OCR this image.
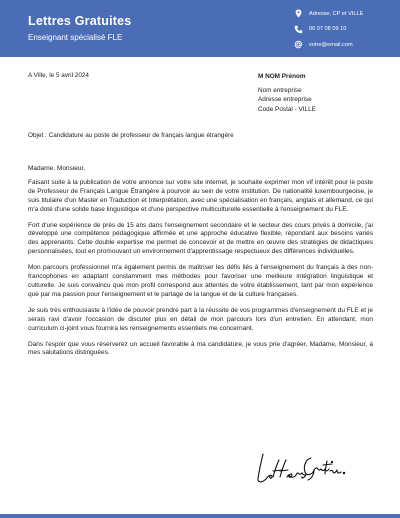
Lettres Gratuites
Enseignant spécialisé FLE
Adresse, CP et VILLE
06 07 08 09 10
votre@email.com
A Ville, le 5 avril 2024	M NOM Prénom
Nom entreprise
Adresse entreprise
Code Postal - VILLE
Objet : Candidature au poste de professeur de français langue étrangère

Madame, Monsieur,

Faisant suite à la publication de votre annonce sur votre site internet, je souhaite exprimer mon vif intérêt pour le poste de Professeur de Français Langue Étrangère à pourvoir au sein de votre institution. De nationalité luxembourgeoise, je suis titulaire d'un Master en Traduction et Interprétation, avec une spécialisation en français, anglais et allemand, ce qui m'a doté d'une solide base linguistique et d'une perspective multiculturelle essentielle à l'enseignement du FLE.

Fort d'une expérience de près de 15 ans dans l'enseignement secondaire et le secteur des cours privés à domicile, j'ai développé une compétence pédagogique affirmée et une approche éducative flexible, répondant aux besoins variés des apprenants. Cette double expertise me permet de concevoir et de mettre en œuvre des stratégies de didactiques personnalisées, tout en promouvant un environnement d'apprentissage respectueux des différences individuelles.

Mon parcours professionnel m'a également permis de maîtriser les défis liés à l'enseignement du français à des non-francophones en adaptant constamment mes méthodes pour favoriser une meilleure intégration linguistique et culturelle. Je suis convaincu que mon profil correspond aux attentes de votre établissement, tant par mon expérience que par ma passion pour l'enseignement et le partage de la langue et de la culture françaises.

Je suis très enthousiaste à l'idée de pouvoir prendre part à la réussite de vos programmes d'enseignement du FLE et je serais ravi d'avoir l'occasion de discuter plus en détail de mon parcours lors d'un entretien. En attendant, mon curriculum ci-joint vous fournira les renseignements essentiels me concernant.

Dans l'espoir que vous réserverez un accueil favorable à ma candidature, je vous prie d'agréer, Madame, Monsieur, à mes salutations distinguées.
